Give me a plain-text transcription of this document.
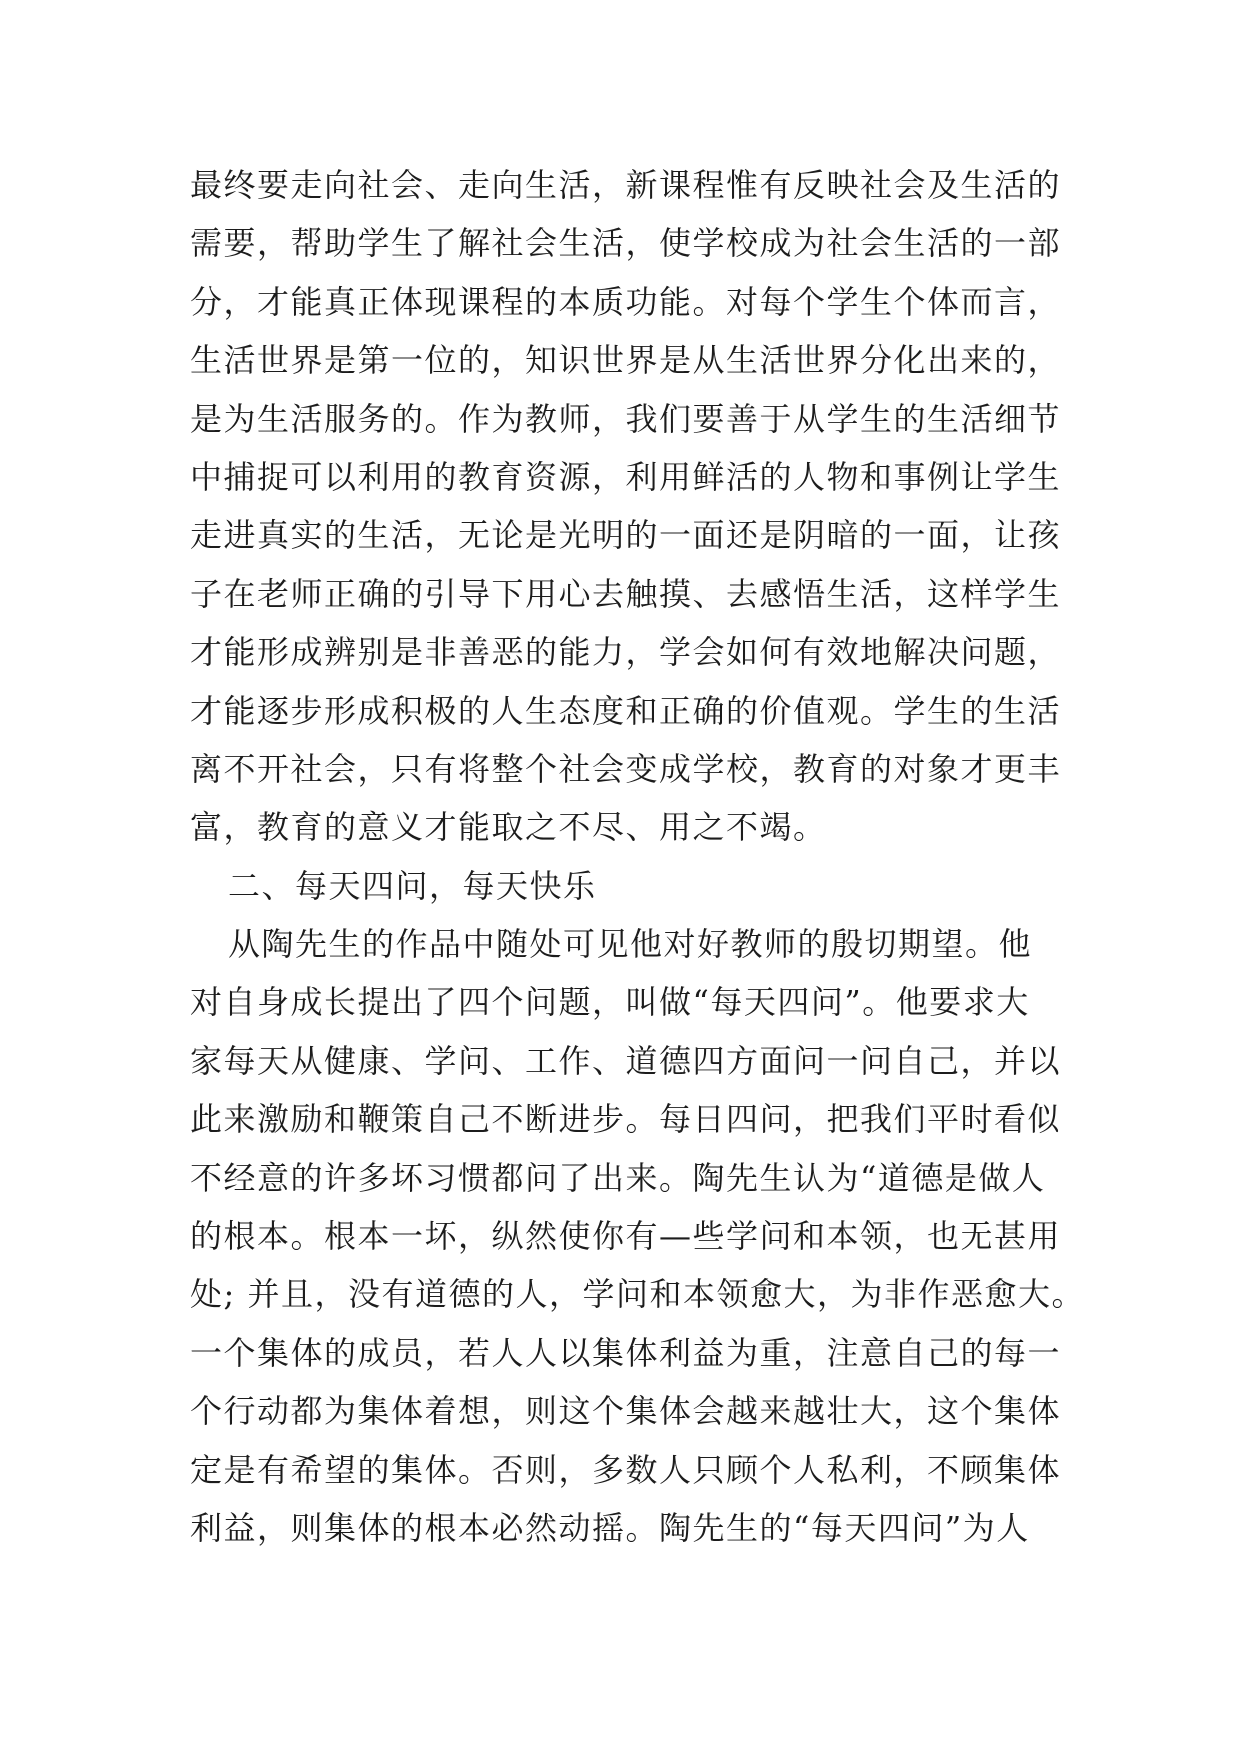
最终要走向社会、走向生活，新课程惟有反映社会及生活的
需要，帮助学生了解社会生活，使学校成为社会生活的一部
分，才能真正体现课程的本质功能。对每个学生个体而言，
生活世界是第一位的，知识世界是从生活世界分化出来的，
是为生活服务的。作为教师，我们要善于从学生的生活细节
中捕捉可以利用的教育资源，利用鲜活的人物和事例让学生
走进真实的生活，无论是光明的一面还是阴暗的一面，让孩
子在老师正确的引导下用心去触摸、去感悟生活，这样学生
才能形成辨别是非善恶的能力，学会如何有效地解决问题，
才能逐步形成积极的人生态度和正确的价值观。学生的生活
离不开社会，只有将整个社会变成学校，教育的对象才更丰
富，教育的意义才能取之不尽、用之不竭。
二、每天四问，每天快乐
从陶先生的作品中随处可见他对好教师的殷切期望。他
对自身成长提出了四个问题，叫做“每天四问”。他要求大
家每天从健康、学问、工作、道德四方面问一问自己，并以
此来激励和鞭策自己不断进步。每日四问，把我们平时看似
不经意的许多坏习惯都问了出来。陶先生认为“道德是做人
的根本。根本一坏，纵然使你有—些学问和本领，也无甚用
处; 并且，没有道德的人，学问和本领愈大，为非作恶愈大。
一个集体的成员，若人人以集体利益为重，注意自己的每一
个行动都为集体着想，则这个集体会越来越壮大，这个集体
定是有希望的集体。否则，多数人只顾个人私利，不顾集体
利益，则集体的根本必然动摇。陶先生的“每天四问”为人
